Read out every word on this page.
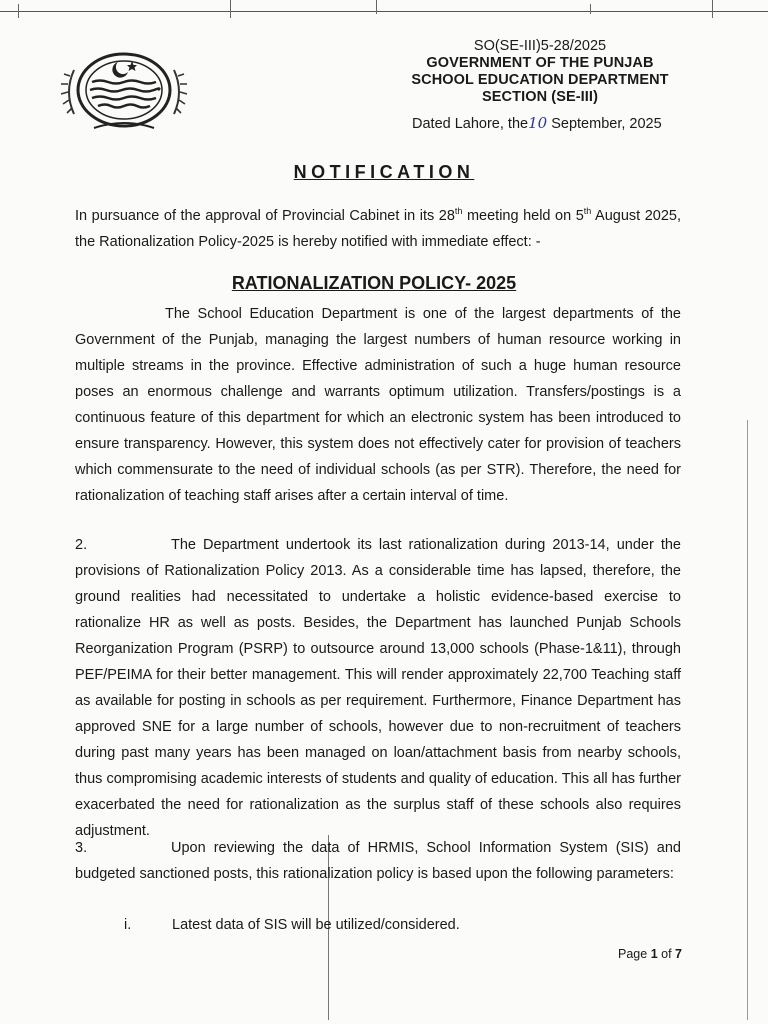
SO(SE-III)5-28/2025
GOVERNMENT OF THE PUNJAB
SCHOOL EDUCATION DEPARTMENT
SECTION (SE-III)
Dated Lahore, the10 September, 2025
NOTIFICATION
In pursuance of the approval of Provincial Cabinet in its 28th meeting held on 5th August 2025, the Rationalization Policy-2025 is hereby notified with immediate effect: -
RATIONALIZATION POLICY- 2025
The School Education Department is one of the largest departments of the Government of the Punjab, managing the largest numbers of human resource working in multiple streams in the province. Effective administration of such a huge human resource poses an enormous challenge and warrants optimum utilization. Transfers/postings is a continuous feature of this department for which an electronic system has been introduced to ensure transparency. However, this system does not effectively cater for provision of teachers which commensurate to the need of individual schools (as per STR). Therefore, the need for rationalization of teaching staff arises after a certain interval of time.
2.	The Department undertook its last rationalization during 2013-14, under the provisions of Rationalization Policy 2013. As a considerable time has lapsed, therefore, the ground realities had necessitated to undertake a holistic evidence-based exercise to rationalize HR as well as posts. Besides, the Department has launched Punjab Schools Reorganization Program (PSRP) to outsource around 13,000 schools (Phase-1&11), through PEF/PEIMA for their better management. This will render approximately 22,700 Teaching staff as available for posting in schools as per requirement. Furthermore, Finance Department has approved SNE for a large number of schools, however due to non-recruitment of teachers during past many years has been managed on loan/attachment basis from nearby schools, thus compromising academic interests of students and quality of education. This all has further exacerbated the need for rationalization as the surplus staff of these schools also requires adjustment.
3.	Upon reviewing the data of HRMIS, School Information System (SIS) and budgeted sanctioned posts, this rationalization policy is based upon the following parameters:
i.	Latest data of SIS will be utilized/considered.
Page 1 of 7
